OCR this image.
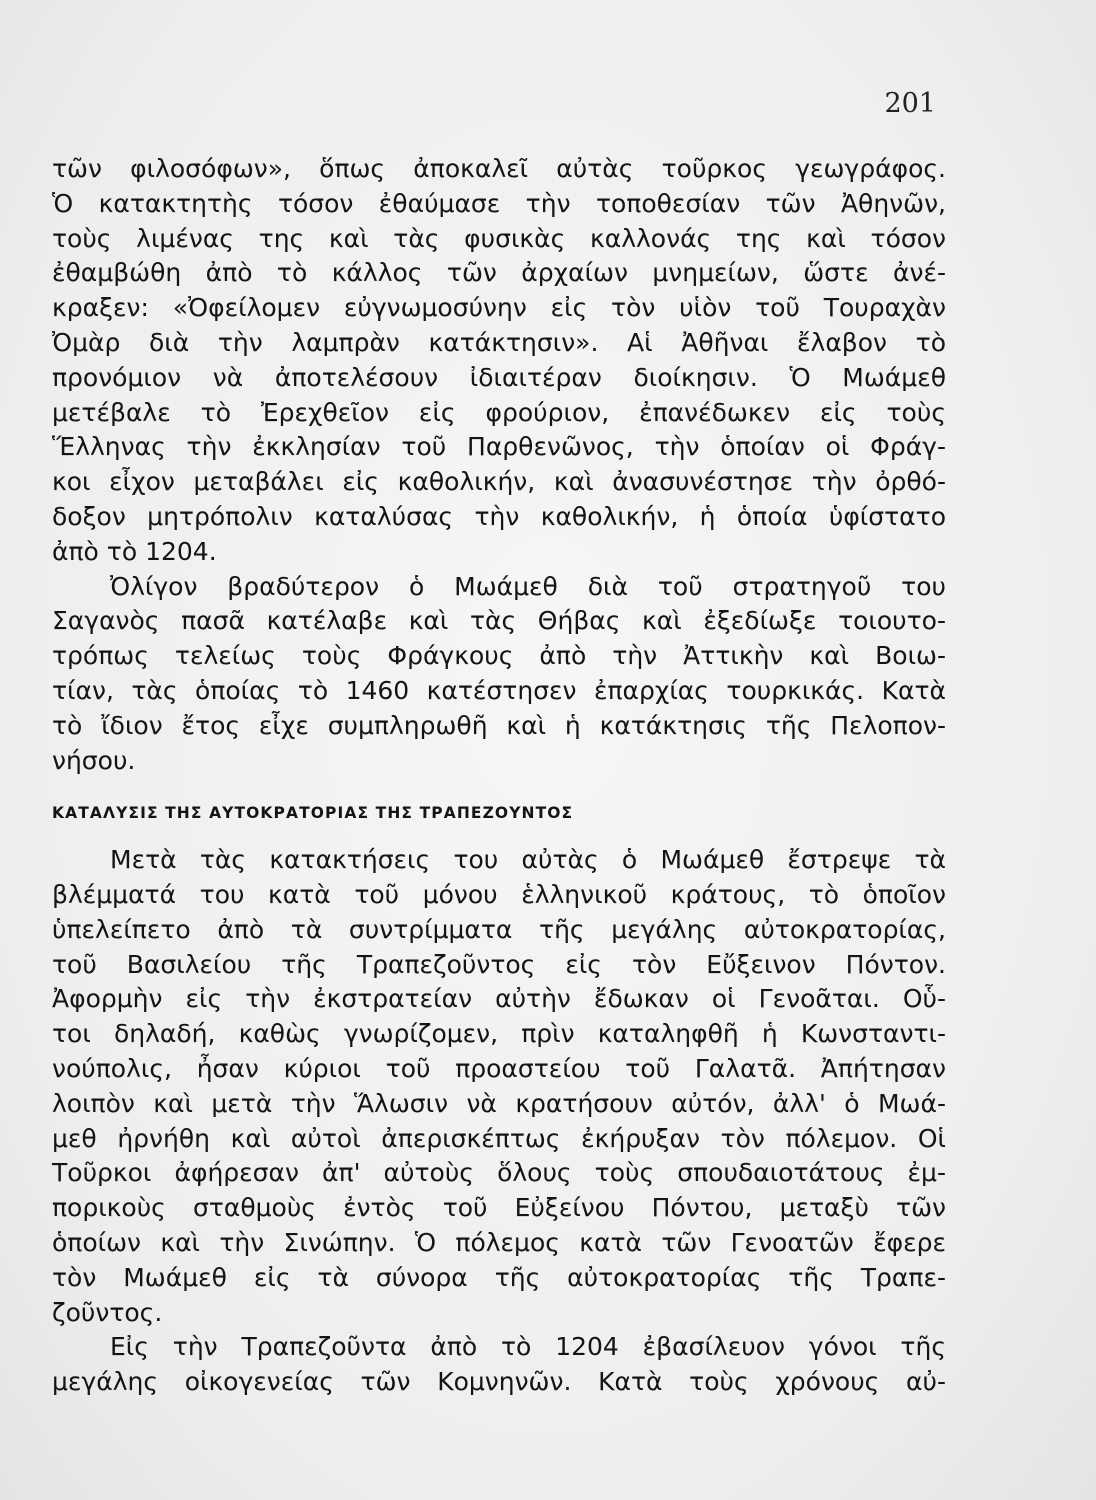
201
τῶν φιλοσόφων», ὅπως ἀποκαλεῖ αὐτὰς τοῦρκος γεωγράφος.
Ὁ κατακτητὴς τόσον ἐθαύμασε τὴν τοποθεσίαν τῶν Ἀθηνῶν,
τοὺς λιμένας της καὶ τὰς φυσικὰς καλλονάς της καὶ τόσον
ἐθαμβώθη ἀπὸ τὸ κάλλος τῶν ἀρχαίων μνημείων, ὥστε ἀνέ-
κραξεν: «Ὀφείλομεν εὐγνωμοσύνην εἰς τὸν υἱὸν τοῦ Τουραχὰν
Ὀμὰρ διὰ τὴν λαμπρὰν κατάκτησιν». Αἱ Ἀθῆναι ἔλαβον τὸ
προνόμιον νὰ ἀποτελέσουν ἰδιαιτέραν διοίκησιν. Ὁ Μωάμεθ
μετέβαλε τὸ Ἐρεχθεῖον εἰς φρούριον, ἐπανέδωκεν εἰς τοὺς
Ἕλληνας τὴν ἐκκλησίαν τοῦ Παρθενῶνος, τὴν ὁποίαν οἱ Φράγ-
κοι εἶχον μεταβάλει εἰς καθολικήν, καὶ ἀνασυνέστησε τὴν ὀρθό-
δοξον μητρόπολιν καταλύσας τὴν καθολικήν, ἡ ὁποία ὑφίστατο
ἀπὸ τὸ 1204.
Ὀλίγον βραδύτερον ὁ Μωάμεθ διὰ τοῦ στρατηγοῦ του
Σαγανὸς πασᾶ κατέλαβε καὶ τὰς Θήβας καὶ ἐξεδίωξε τοιουτο-
τρόπως τελείως τοὺς Φράγκους ἀπὸ τὴν Ἀττικὴν καὶ Βοιω-
τίαν, τὰς ὁποίας τὸ 1460 κατέστησεν ἐπαρχίας τουρκικάς. Κατὰ
τὸ ἴδιον ἔτος εἶχε συμπληρωθῆ καὶ ἡ κατάκτησις τῆς Πελοπον-
νήσου.
ΚΑΤΑΛΥΣΙΣ ΤΗΣ ΑΥΤΟΚΡΑΤΟΡΙΑΣ ΤΗΣ ΤΡΑΠΕΖΟΥΝΤΟΣ
Μετὰ τὰς κατακτήσεις του αὐτὰς ὁ Μωάμεθ ἔστρεψε τὰ
βλέμματά του κατὰ τοῦ μόνου ἑλληνικοῦ κράτους, τὸ ὁποῖον
ὑπελείπετο ἀπὸ τὰ συντρίμματα τῆς μεγάλης αὐτοκρατορίας,
τοῦ Βασιλείου τῆς Τραπεζοῦντος εἰς τὸν Εὔξεινον Πόντον.
Ἀφορμὴν εἰς τὴν ἐκστρατείαν αὐτὴν ἔδωκαν οἱ Γενοᾶται. Οὗ-
τοι δηλαδή, καθὼς γνωρίζομεν, πρὶν καταληφθῆ ἡ Κωνσταντι-
νούπολις, ἦσαν κύριοι τοῦ προαστείου τοῦ Γαλατᾶ. Ἀπήτησαν
λοιπὸν καὶ μετὰ τὴν Ἅλωσιν νὰ κρατήσουν αὐτόν, ἀλλ' ὁ Μωά-
μεθ ἠρνήθη καὶ αὐτοὶ ἀπερισκέπτως ἐκήρυξαν τὸν πόλεμον. Οἱ
Τοῦρκοι ἀφήρεσαν ἀπ' αὐτοὺς ὅλους τοὺς σπουδαιοτάτους ἐμ-
πορικοὺς σταθμοὺς ἐντὸς τοῦ Εὐξείνου Πόντου, μεταξὺ τῶν
ὁποίων καὶ τὴν Σινώπην. Ὁ πόλεμος κατὰ τῶν Γενοατῶν ἔφερε
τὸν Μωάμεθ εἰς τὰ σύνορα τῆς αὐτοκρατορίας τῆς Τραπε-
ζοῦντος.
Εἰς τὴν Τραπεζοῦντα ἀπὸ τὸ 1204 ἐβασίλευον γόνοι τῆς
μεγάλης οἰκογενείας τῶν Κομνηνῶν. Κατὰ τοὺς χρόνους αὐ-
